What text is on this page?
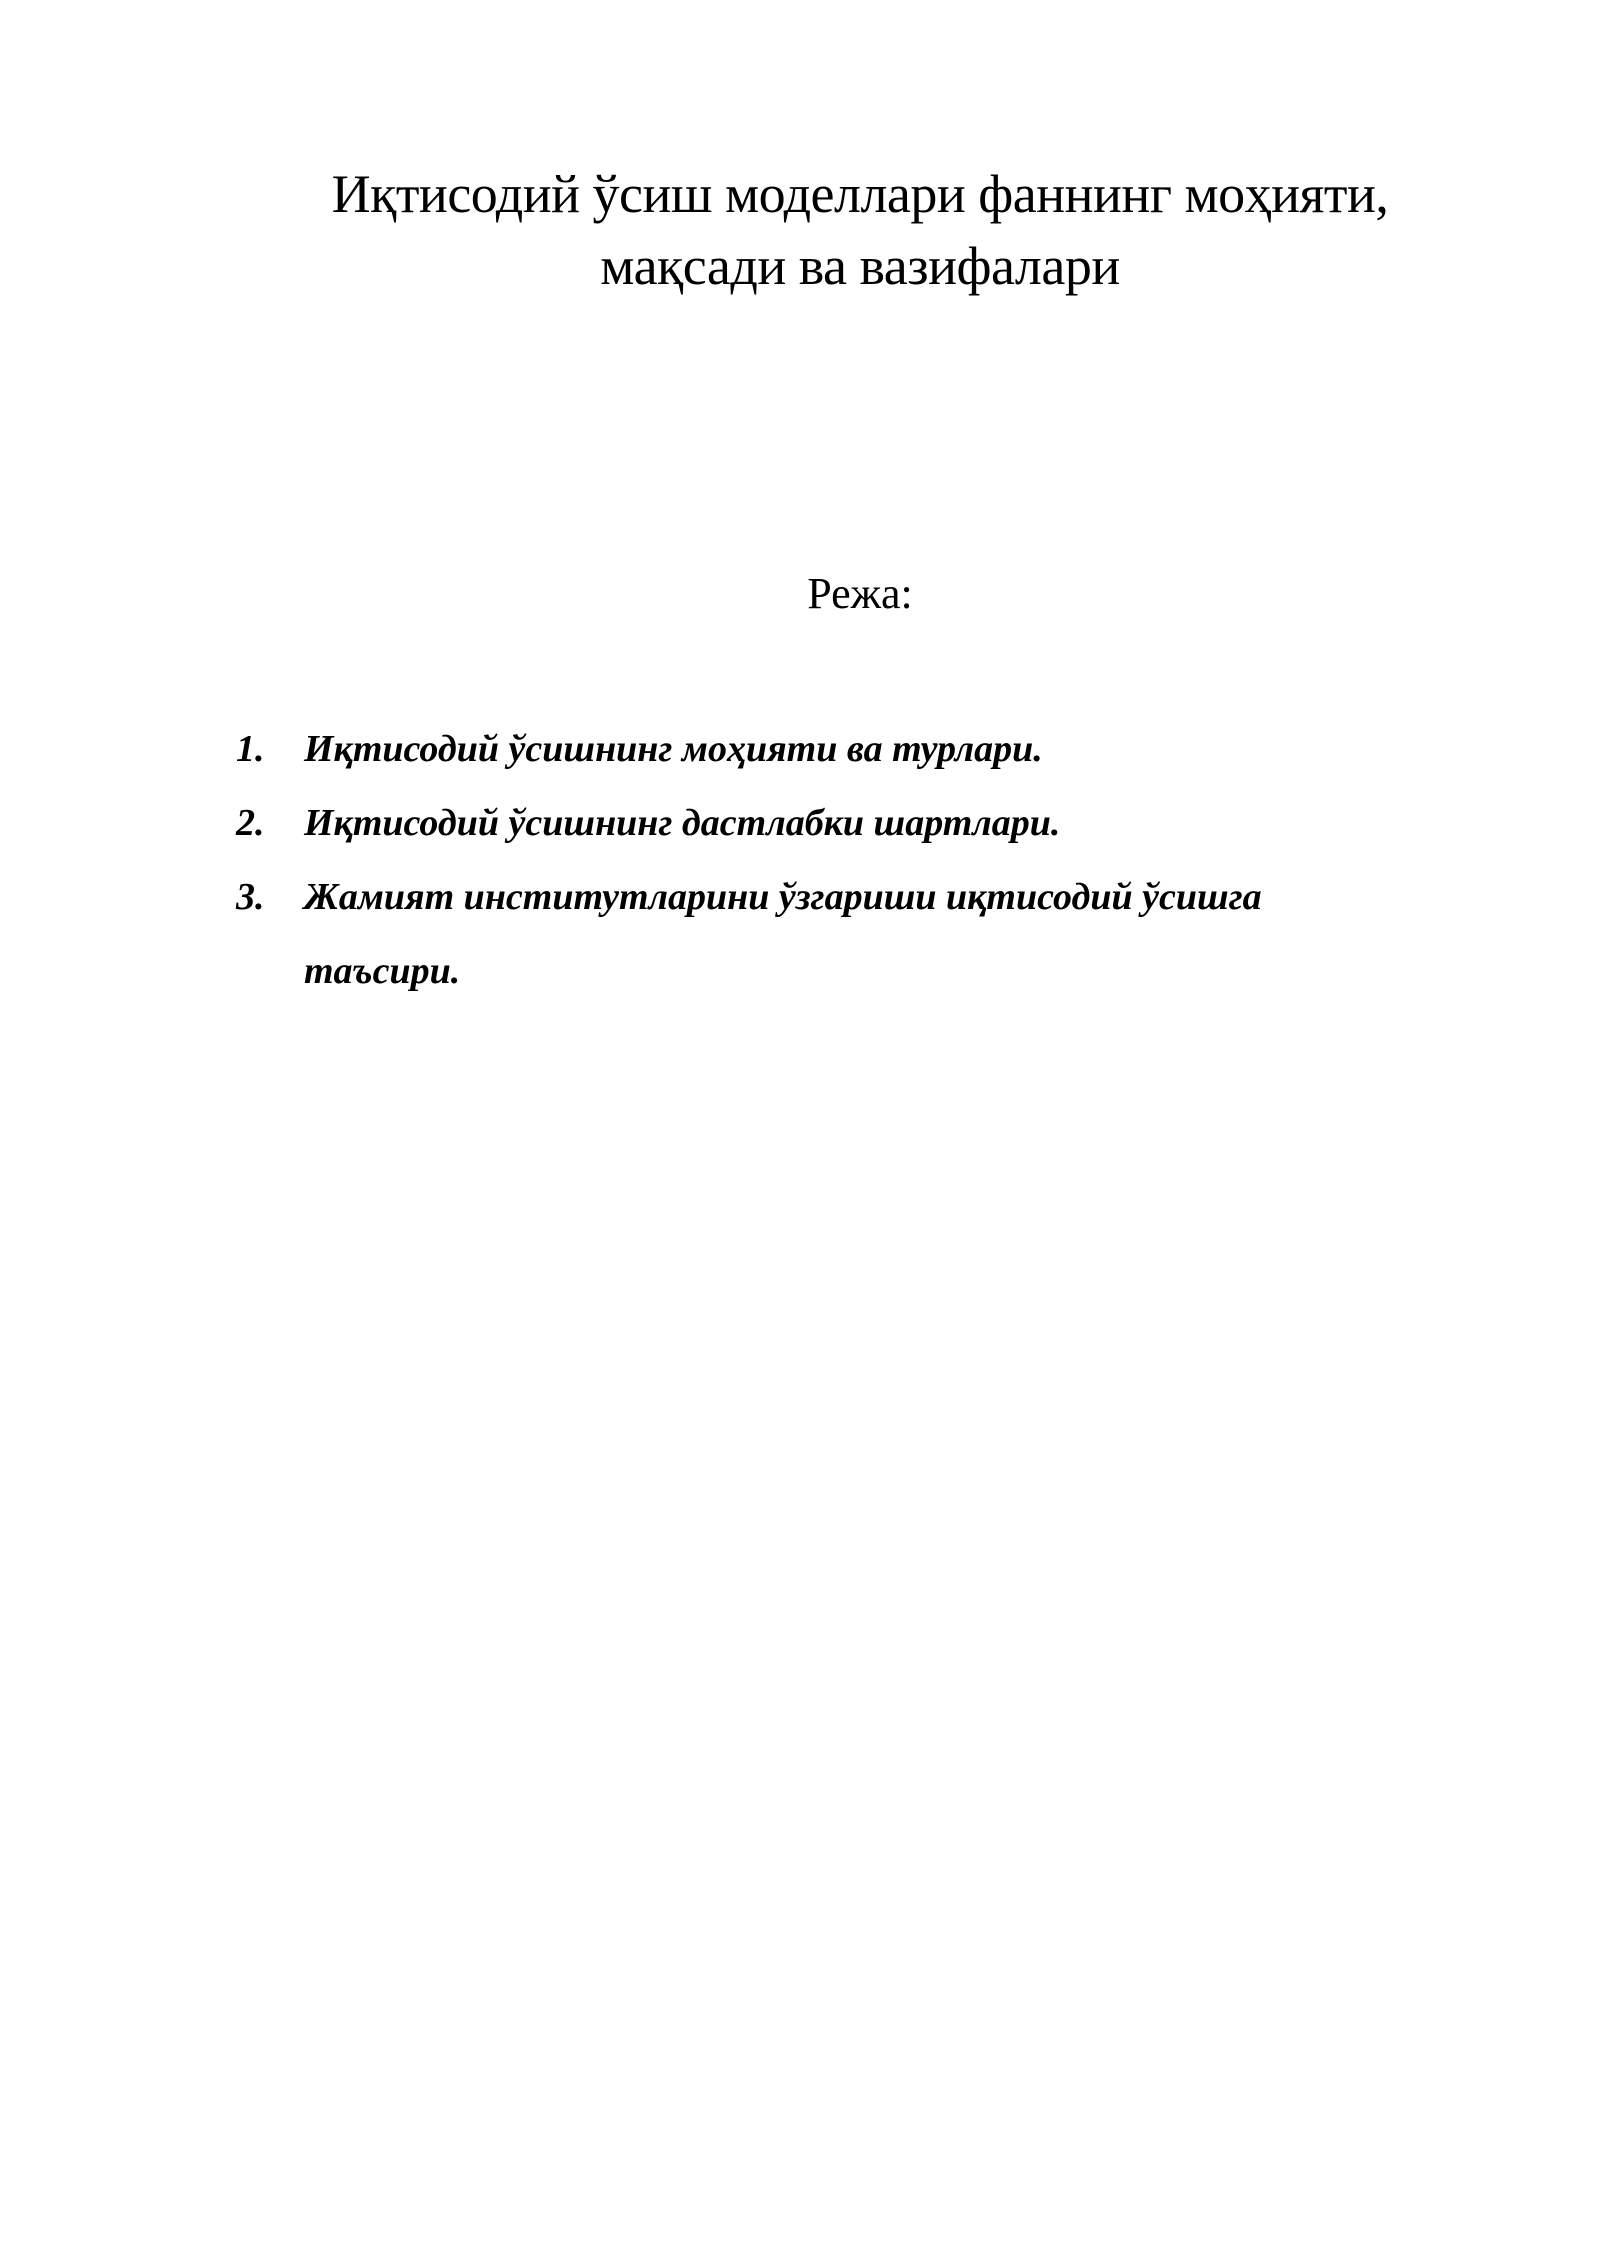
Иқтисодий ўсиш моделлари фаннинг моҳияти,
мақсади ва вазифалари
Режа:
1.	Иқтисодий ўсишнинг моҳияти ва турлари.
2.	Иқтисодий ўсишнинг дастлабки шартлари.
3.	Жамият институтларини ўзгариши иқтисодий ўсишга
таъсири.
